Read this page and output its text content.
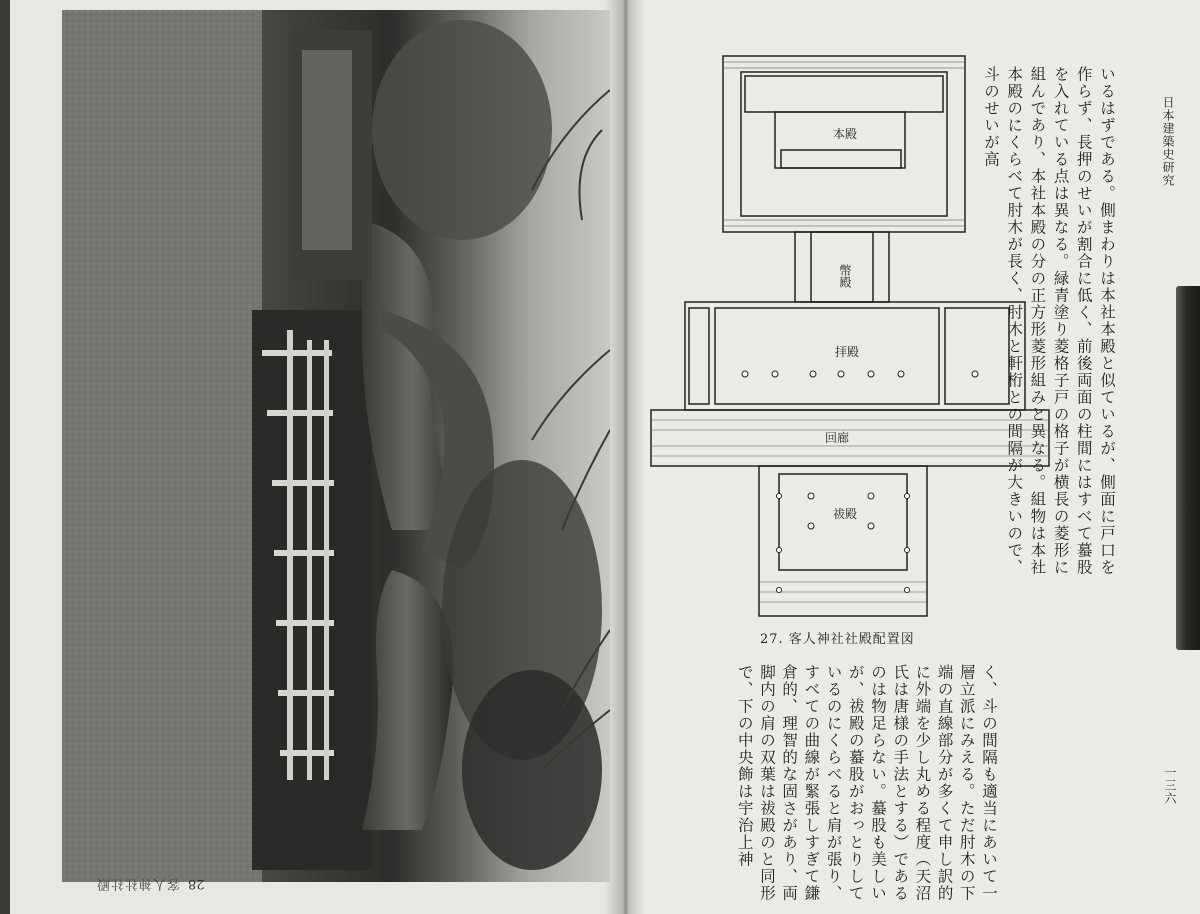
28
客人神社社殿
本殿
幣殿
拝殿
回廊
祓殿
27. 客人神社社殿配置図
日本建築史研究
一三六
いるはずである。側まわりは本社本殿と似ているが、側面に戸口を作らず、長押のせいが割合に低く、前後両面の柱間にはすべて蟇股を入れている点は異なる。緑青塗り菱格子戸の格子が横長の菱形に組んであり、本社本殿の分の正方形菱形組みと異なる。組物は本社本殿のにくらべて肘木が長く、肘木と軒桁との間隔が大きいので、斗のせいが高
く、斗の間隔も適当にあいて一層立派にみえる。ただ肘木の下端の直線部分が多くて申し訳的に外端を少し丸める程度（天沼氏は唐様の手法とする）であるのは物足らない。蟇股も美しいが、祓殿の蟇股がおっとりしているのにくらべると肩が張り、すべての曲線が緊張しすぎて鎌倉的、理智的な固さがあり、両脚内の肩の双葉は祓殿のと同形で、下の中央飾は宇治上神
